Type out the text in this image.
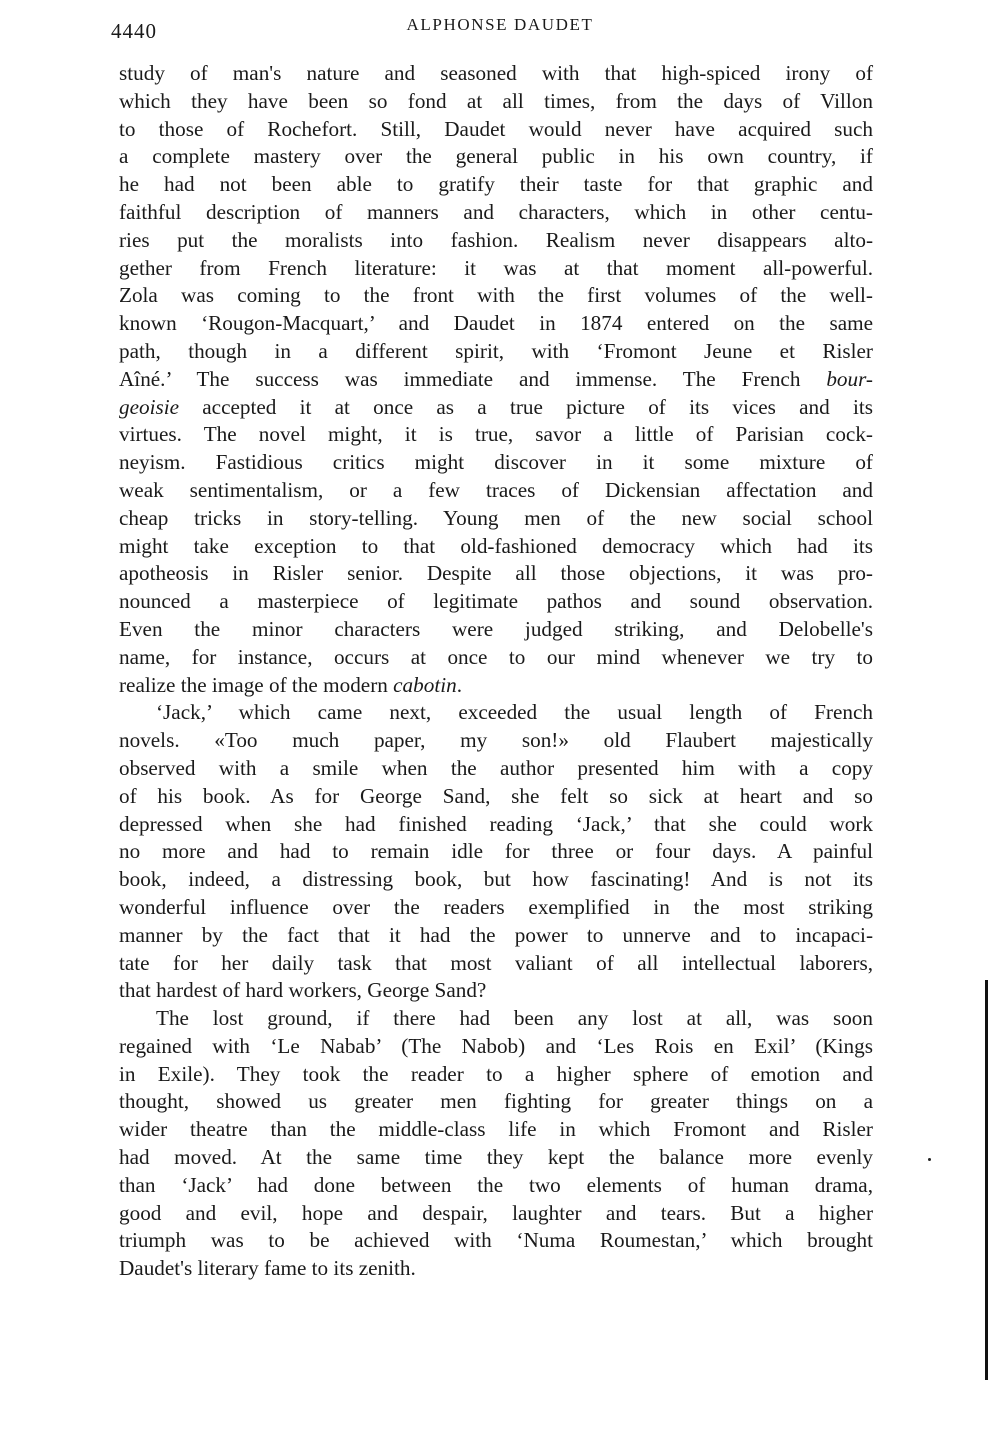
4440	ALPHONSE DAUDET
study of man's nature and seasoned with that high-spiced irony of
which they have been so fond at all times, from the days of Villon
to those of Rochefort. Still, Daudet would never have acquired such
a complete mastery over the general public in his own country, if
he had not been able to gratify their taste for that graphic and
faithful description of manners and characters, which in other centu-
ries put the moralists into fashion. Realism never disappears alto-
gether from French literature: it was at that moment all-powerful.
Zola was coming to the front with the first volumes of the well-
known ‘Rougon-Macquart,’ and Daudet in 1874 entered on the same
path, though in a different spirit, with ‘Fromont Jeune et Risler
Aîné.’ The success was immediate and immense. The French bour-
geoisie accepted it at once as a true picture of its vices and its
virtues. The novel might, it is true, savor a little of Parisian cock-
neyism. Fastidious critics might discover in it some mixture of
weak sentimentalism, or a few traces of Dickensian affectation and
cheap tricks in story-telling. Young men of the new social school
might take exception to that old-fashioned democracy which had its
apotheosis in Risler senior. Despite all those objections, it was pro-
nounced a masterpiece of legitimate pathos and sound observation.
Even the minor characters were judged striking, and Delobelle's
name, for instance, occurs at once to our mind whenever we try to
realize the image of the modern cabotin.
‘Jack,’ which came next, exceeded the usual length of French
novels. «Too much paper, my son!» old Flaubert majestically
observed with a smile when the author presented him with a copy
of his book. As for George Sand, she felt so sick at heart and so
depressed when she had finished reading ‘Jack,’ that she could work
no more and had to remain idle for three or four days. A painful
book, indeed, a distressing book, but how fascinating! And is not its
wonderful influence over the readers exemplified in the most striking
manner by the fact that it had the power to unnerve and to incapaci-
tate for her daily task that most valiant of all intellectual laborers,
that hardest of hard workers, George Sand?
The lost ground, if there had been any lost at all, was soon
regained with ‘Le Nabab’ (The Nabob) and ‘Les Rois en Exil’ (Kings
in Exile). They took the reader to a higher sphere of emotion and
thought, showed us greater men fighting for greater things on a
wider theatre than the middle-class life in which Fromont and Risler
had moved. At the same time they kept the balance more evenly
than ‘Jack’ had done between the two elements of human drama,
good and evil, hope and despair, laughter and tears. But a higher
triumph was to be achieved with ‘Numa Roumestan,’ which brought
Daudet's literary fame to its zenith.
